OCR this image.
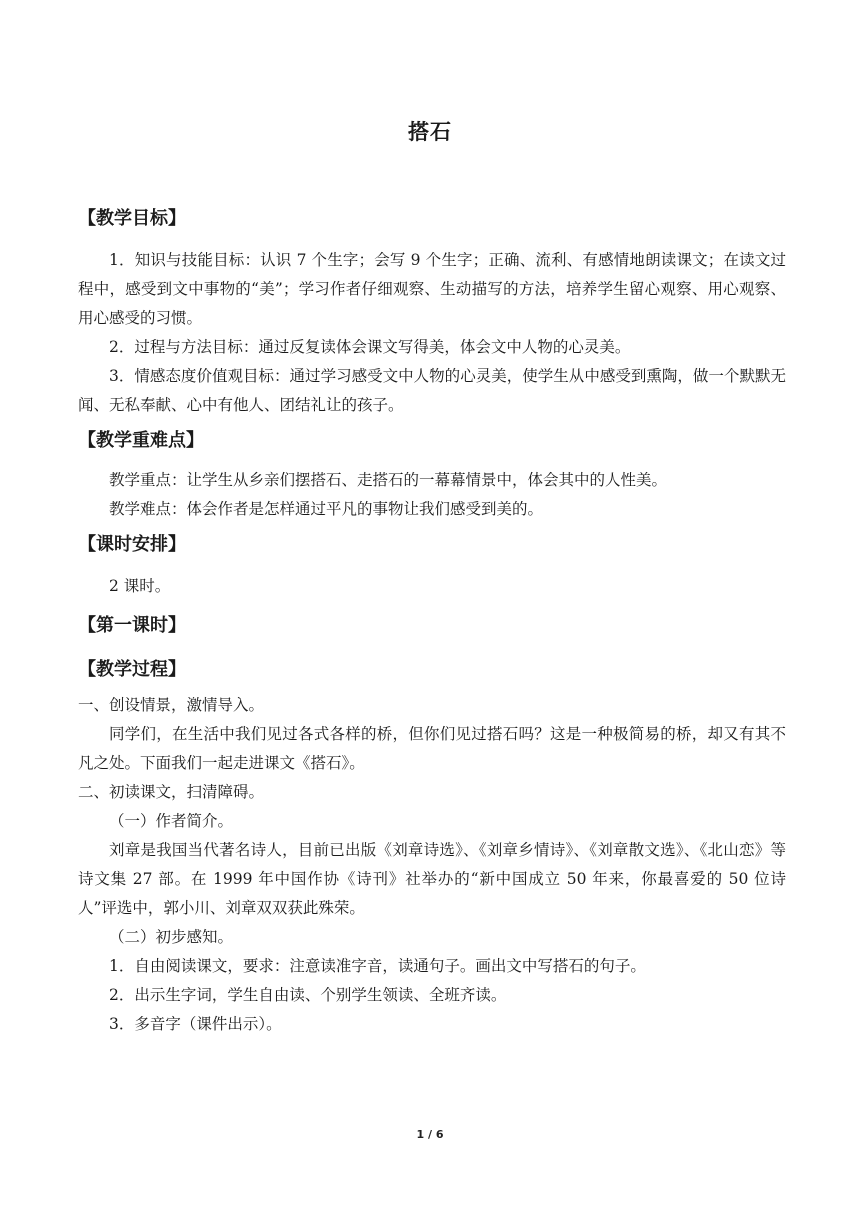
搭石

【教学目标】

1．知识与技能目标：认识 7 个生字；会写 9 个生字；正确、流利、有感情地朗读课文；在读文过程中，感受到文中事物的“美”；学习作者仔细观察、生动描写的方法，培养学生留心观察、用心观察、用心感受的习惯。

2．过程与方法目标：通过反复读体会课文写得美，体会文中人物的心灵美。

3．情感态度价值观目标：通过学习感受文中人物的心灵美，使学生从中感受到熏陶，做一个默默无闻、无私奉献、心中有他人、团结礼让的孩子。

【教学重难点】

教学重点：让学生从乡亲们摆搭石、走搭石的一幕幕情景中，体会其中的人性美。

教学难点：体会作者是怎样通过平凡的事物让我们感受到美的。

【课时安排】

2 课时。

【第一课时】

【教学过程】

一、创设情景，激情导入。

同学们，在生活中我们见过各式各样的桥，但你们见过搭石吗？这是一种极简易的桥，却又有其不凡之处。下面我们一起走进课文《搭石》。

二、初读课文，扫清障碍。

（一）作者简介。

刘章是我国当代著名诗人，目前已出版《刘章诗选》、《刘章乡情诗》、《刘章散文选》、《北山恋》等诗文集 27 部。在 1999 年中国作协《诗刊》社举办的“新中国成立 50 年来，你最喜爱的 50 位诗人”评选中，郭小川、刘章双双获此殊荣。

（二）初步感知。

1．自由阅读课文，要求：注意读准字音，读通句子。画出文中写搭石的句子。

2．出示生字词，学生自由读、个别学生领读、全班齐读。

3．多音字（课件出示）。

1 / 6
